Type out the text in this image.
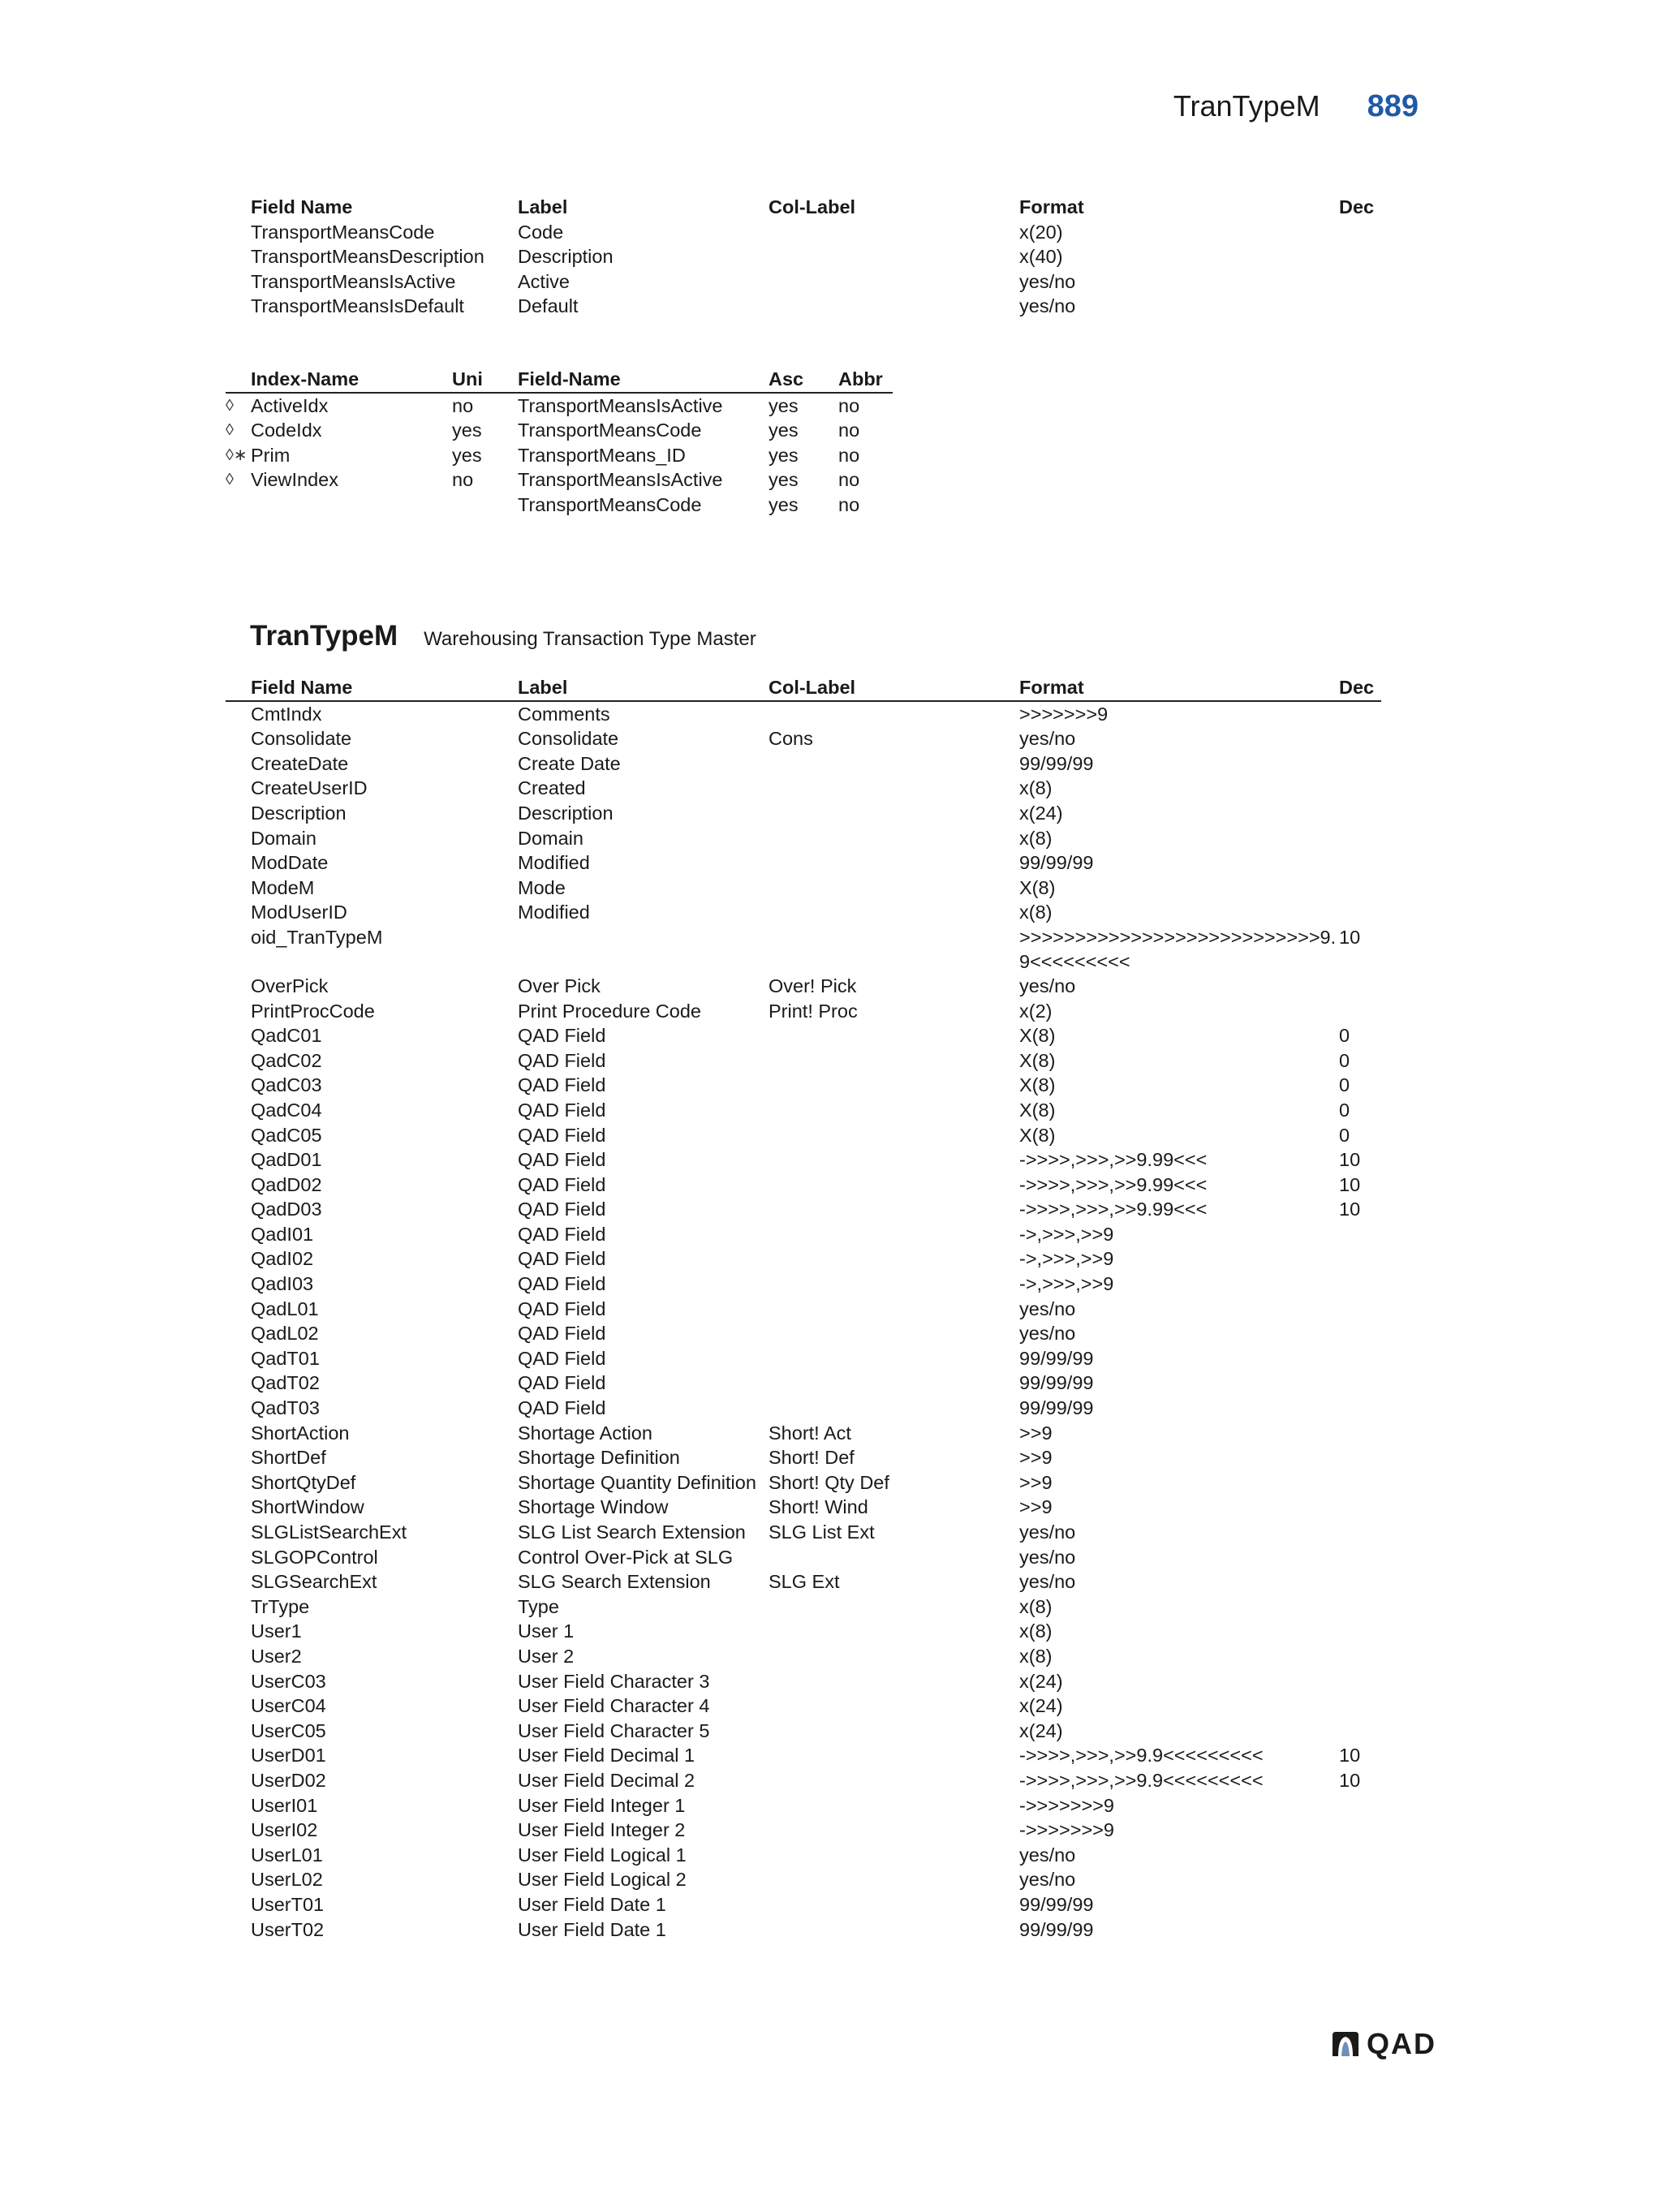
TranTypeM 889
	Field Name	Label	Col-Label	Format	Dec
	TransportMeansCode	Code		x(20)	
	TransportMeansDescription	Description		x(40)	
	TransportMeansIsActive	Active		yes/no	
	TransportMeansIsDefault	Default		yes/no	
	Index-Name	Uni	Field-Name	Asc	Abbr
◊	ActiveIdx	no	TransportMeansIsActive	yes	no
◊	CodeIdx	yes	TransportMeansCode	yes	no
◊∗	Prim	yes	TransportMeans_ID	yes	no
◊	ViewIndex	no	TransportMeansIsActive	yes	no
			TransportMeansCode	yes	no
TranTypeM Warehousing Transaction Type Master
	Field Name	Label	Col-Label	Format	Dec
	CmtIndx	Comments		>>>>>>>9	
	Consolidate	Consolidate	Cons	yes/no	
	CreateDate	Create Date		99/99/99	
	CreateUserID	Created		x(8)	
	Description	Description		x(24)	
	Domain	Domain		x(8)	
	ModDate	Modified		99/99/99	
	ModeM	Mode		X(8)	
	ModUserID	Modified		x(8)	
	oid_TranTypeM			>>>>>>>>>>>>>>>>>>>>>>>>>>>9.9<<<<<<<<<	10
	OverPick	Over Pick	Over! Pick	yes/no	
	PrintProcCode	Print Procedure Code	Print! Proc	x(2)	
	QadC01	QAD Field		X(8)	0
	QadC02	QAD Field		X(8)	0
	QadC03	QAD Field		X(8)	0
	QadC04	QAD Field		X(8)	0
	QadC05	QAD Field		X(8)	0
	QadD01	QAD Field		->>>>,>>>,>>9.99<<<	10
	QadD02	QAD Field		->>>>,>>>,>>9.99<<<	10
	QadD03	QAD Field		->>>>,>>>,>>9.99<<<	10
	QadI01	QAD Field		->,>>>,>>9	
	QadI02	QAD Field		->,>>>,>>9	
	QadI03	QAD Field		->,>>>,>>9	
	QadL01	QAD Field		yes/no	
	QadL02	QAD Field		yes/no	
	QadT01	QAD Field		99/99/99	
	QadT02	QAD Field		99/99/99	
	QadT03	QAD Field		99/99/99	
	ShortAction	Shortage Action	Short! Act	>>9	
	ShortDef	Shortage Definition	Short! Def	>>9	
	ShortQtyDef	Shortage Quantity Definition	Short! Qty Def	>>9	
	ShortWindow	Shortage Window	Short! Wind	>>9	
	SLGListSearchExt	SLG List Search Extension	SLG List Ext	yes/no	
	SLGOPControl	Control Over-Pick at SLG		yes/no	
	SLGSearchExt	SLG Search Extension	SLG Ext	yes/no	
	TrType	Type		x(8)	
	User1	User 1		x(8)	
	User2	User 2		x(8)	
	UserC03	User Field Character 3		x(24)	
	UserC04	User Field Character 4		x(24)	
	UserC05	User Field Character 5		x(24)	
	UserD01	User Field Decimal 1		->>>>,>>>,>>9.9<<<<<<<<<	10
	UserD02	User Field Decimal 2		->>>>,>>>,>>9.9<<<<<<<<<	10
	UserI01	User Field Integer 1		->>>>>>>9	
	UserI02	User Field Integer 2		->>>>>>>9	
	UserL01	User Field Logical 1		yes/no	
	UserL02	User Field Logical 2		yes/no	
	UserT01	User Field Date 1		99/99/99	
	UserT02	User Field Date 1		99/99/99	
QAD
